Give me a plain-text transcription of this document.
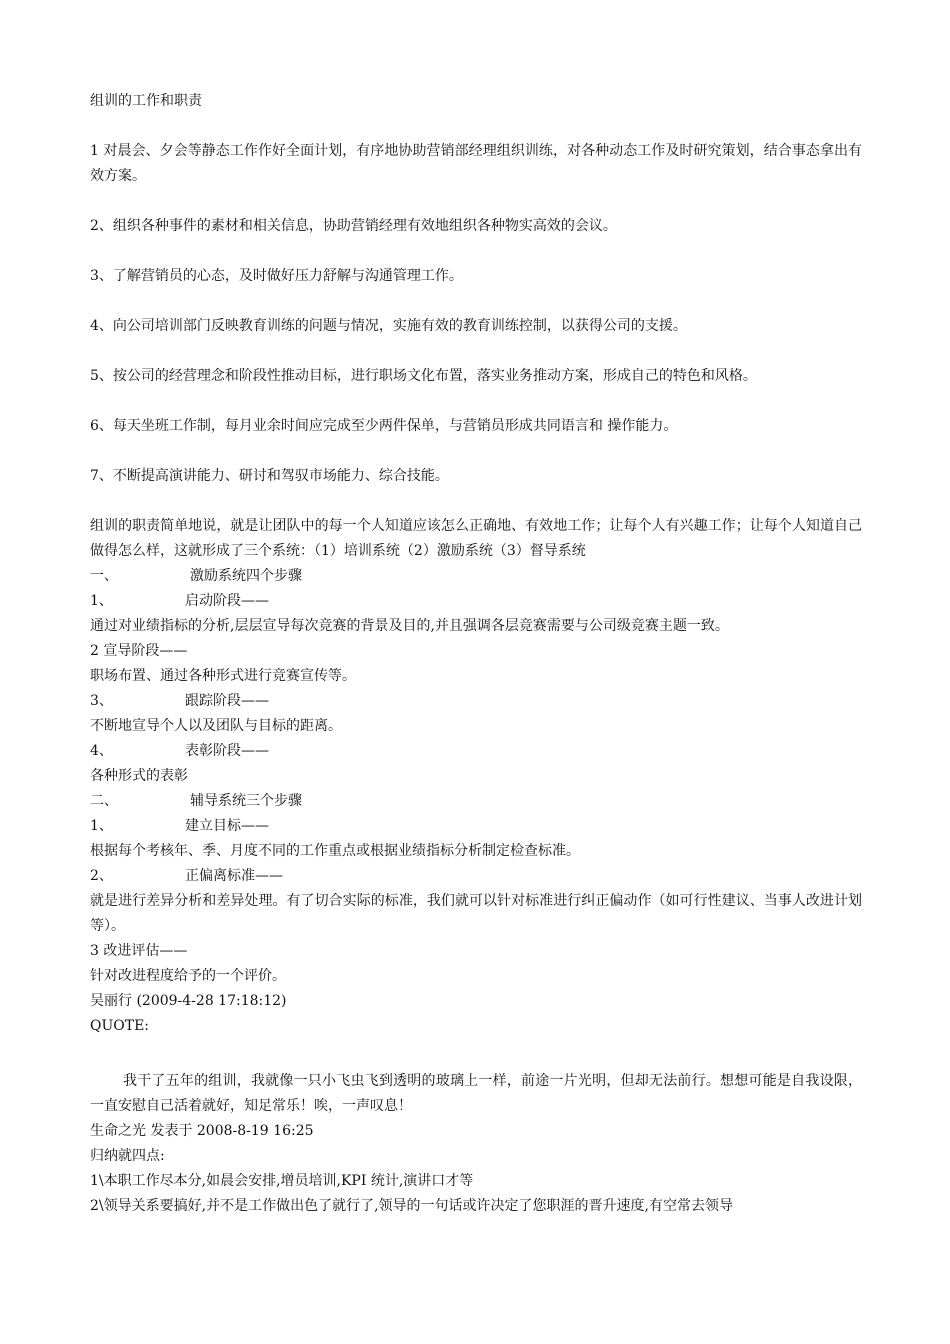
组训的工作和职责

1 对晨会、夕会等静态工作作好全面计划，有序地协助营销部经理组织训练，对各种动态工作及时研究策划，结合事态拿出有效方案。

2、组织各种事件的素材和相关信息，协助营销经理有效地组织各种物实高效的会议。

3、了解营销员的心态，及时做好压力舒解与沟通管理工作。

4、向公司培训部门反映教育训练的问题与情况，实施有效的教育训练控制，以获得公司的支援。

5、按公司的经营理念和阶段性推动目标，进行职场文化布置，落实业务推动方案，形成自己的特色和风格。

6、每天坐班工作制，每月业余时间应完成至少两件保单，与营销员形成共同语言和 操作能力。

7、不断提高演讲能力、研讨和驾驭市场能力、综合技能。

组训的职责简单地说，就是让团队中的每一个人知道应该怎么正确地、有效地工作；让每个人有兴趣工作；让每个人知道自己做得怎么样，这就形成了三个系统：（1）培训系统（2）激励系统（3）督导系统

一、	激励系统四个步骤
1、	启动阶段——

通过对业绩指标的分析,层层宣导每次竞赛的背景及目的,并且强调各层竞赛需要与公司级竞赛主题一致。

2 宣导阶段——

职场布置、通过各种形式进行竞赛宣传等。

3、	跟踪阶段——

不断地宣导个人以及团队与目标的距离。

4、	表彰阶段——

各种形式的表彰

二、	辅导系统三个步骤
1、	建立目标——

根据每个考核年、季、月度不同的工作重点或根据业绩指标分析制定检查标准。

2、	正偏离标准——

就是进行差异分析和差异处理。有了切合实际的标准，我们就可以针对标准进行纠正偏动作（如可行性建议、当事人改进计划等）。

3 改进评估——

针对改进程度给予的一个评价。

吴丽行 (2009-4-28 17:18:12)

QUOTE:

我干了五年的组训，我就像一只小飞虫飞到透明的玻璃上一样，前途一片光明，但却无法前行。想想可能是自我设限，一直安慰自己活着就好，知足常乐！唉，一声叹息！

生命之光 发表于 2008-8-19 16:25

归纳就四点:

1\本职工作尽本分,如晨会安排,增员培训,KPI 统计,演讲口才等

2\领导关系要搞好,并不是工作做出色了就行了,领导的一句话或许决定了您职涯的晋升速度,有空常去领导
